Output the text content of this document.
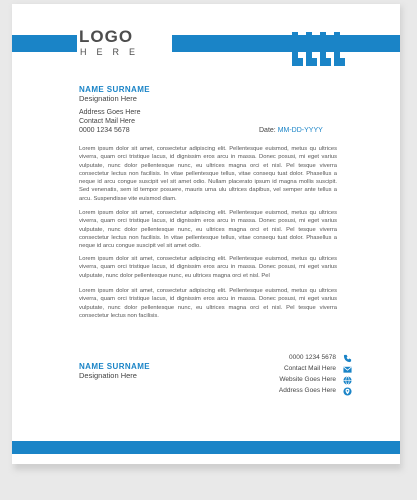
LOGO
HERE
NAME SURNAME
Designation Here
Address Goes Here
Contact Mail Here
0000 1234 5678	Date: MM-DD-YYYY

Lorem ipsum dolor sit amet, consectetur adipiscing elit. Pellentesque euismod, metus qu ultrices viverra, quam orci tristique lacus, id dignissim eros arcu in massa. Donec posusi, mi eget varius vulputate, nunc dolor pellentesque nunc, eu ultrices magna orci et nisl. Pel tesque viverra consectetur lectus non facilisis. In vitae pellentesque tellus, vitae consequ tuat dolor. Phasellus a neque id arcu congue suscipit vel sit amet odio. Nullam placerato ipsum id magna mollis suscipit. Sed venenatis, sem id tempor posuere, mauris urna ulu ultrices dapibus, vel semper ante tellus a arcu. Suspendisse vite euismod diam.

Lorem ipsum dolor sit amet, consectetur adipiscing elit. Pellentesque euismod, metus qu ultrices viverra, quam orci tristique lacus, id dignissim eros arcu in massa. Donec posusi, mi eget varius vulputate, nunc dolor pellentesque nunc, eu ultrices magna orci et nisl. Pel tesque viverra consectetur lectus non facilisis. In vitae pellentesque tellus, vitae consequ tuat dolor. Phasellus a neque id arcu congue suscipit vel sit amet odio.

Lorem ipsum dolor sit amet, consectetur adipiscing elit. Pellentesque euismod, metus qu ultrices viverra, quam orci tristique lacus, id dignissim eros arcu in massa. Donec posusi, mi eget varius vulputate, nunc dolor pellentesque nunc, eu ultrices magna orci et nisl. Pel

Lorem ipsum dolor sit amet, consectetur adipiscing elit. Pellentesque euismod, metus qu ultrices viverra, quam orci tristique lacus, id dignissim eros arcu in massa. Donec posusi, mi eget varius vulputate, nunc dolor pellentesque nunc, eu ultrices magna orci et nisl. Pel tesque viverra consectetur lectus non facilisis.

NAME SURNAME
Designation Here
0000 1234 5678
Contact Mail Here
Website Goes Here
Address Goes Here
